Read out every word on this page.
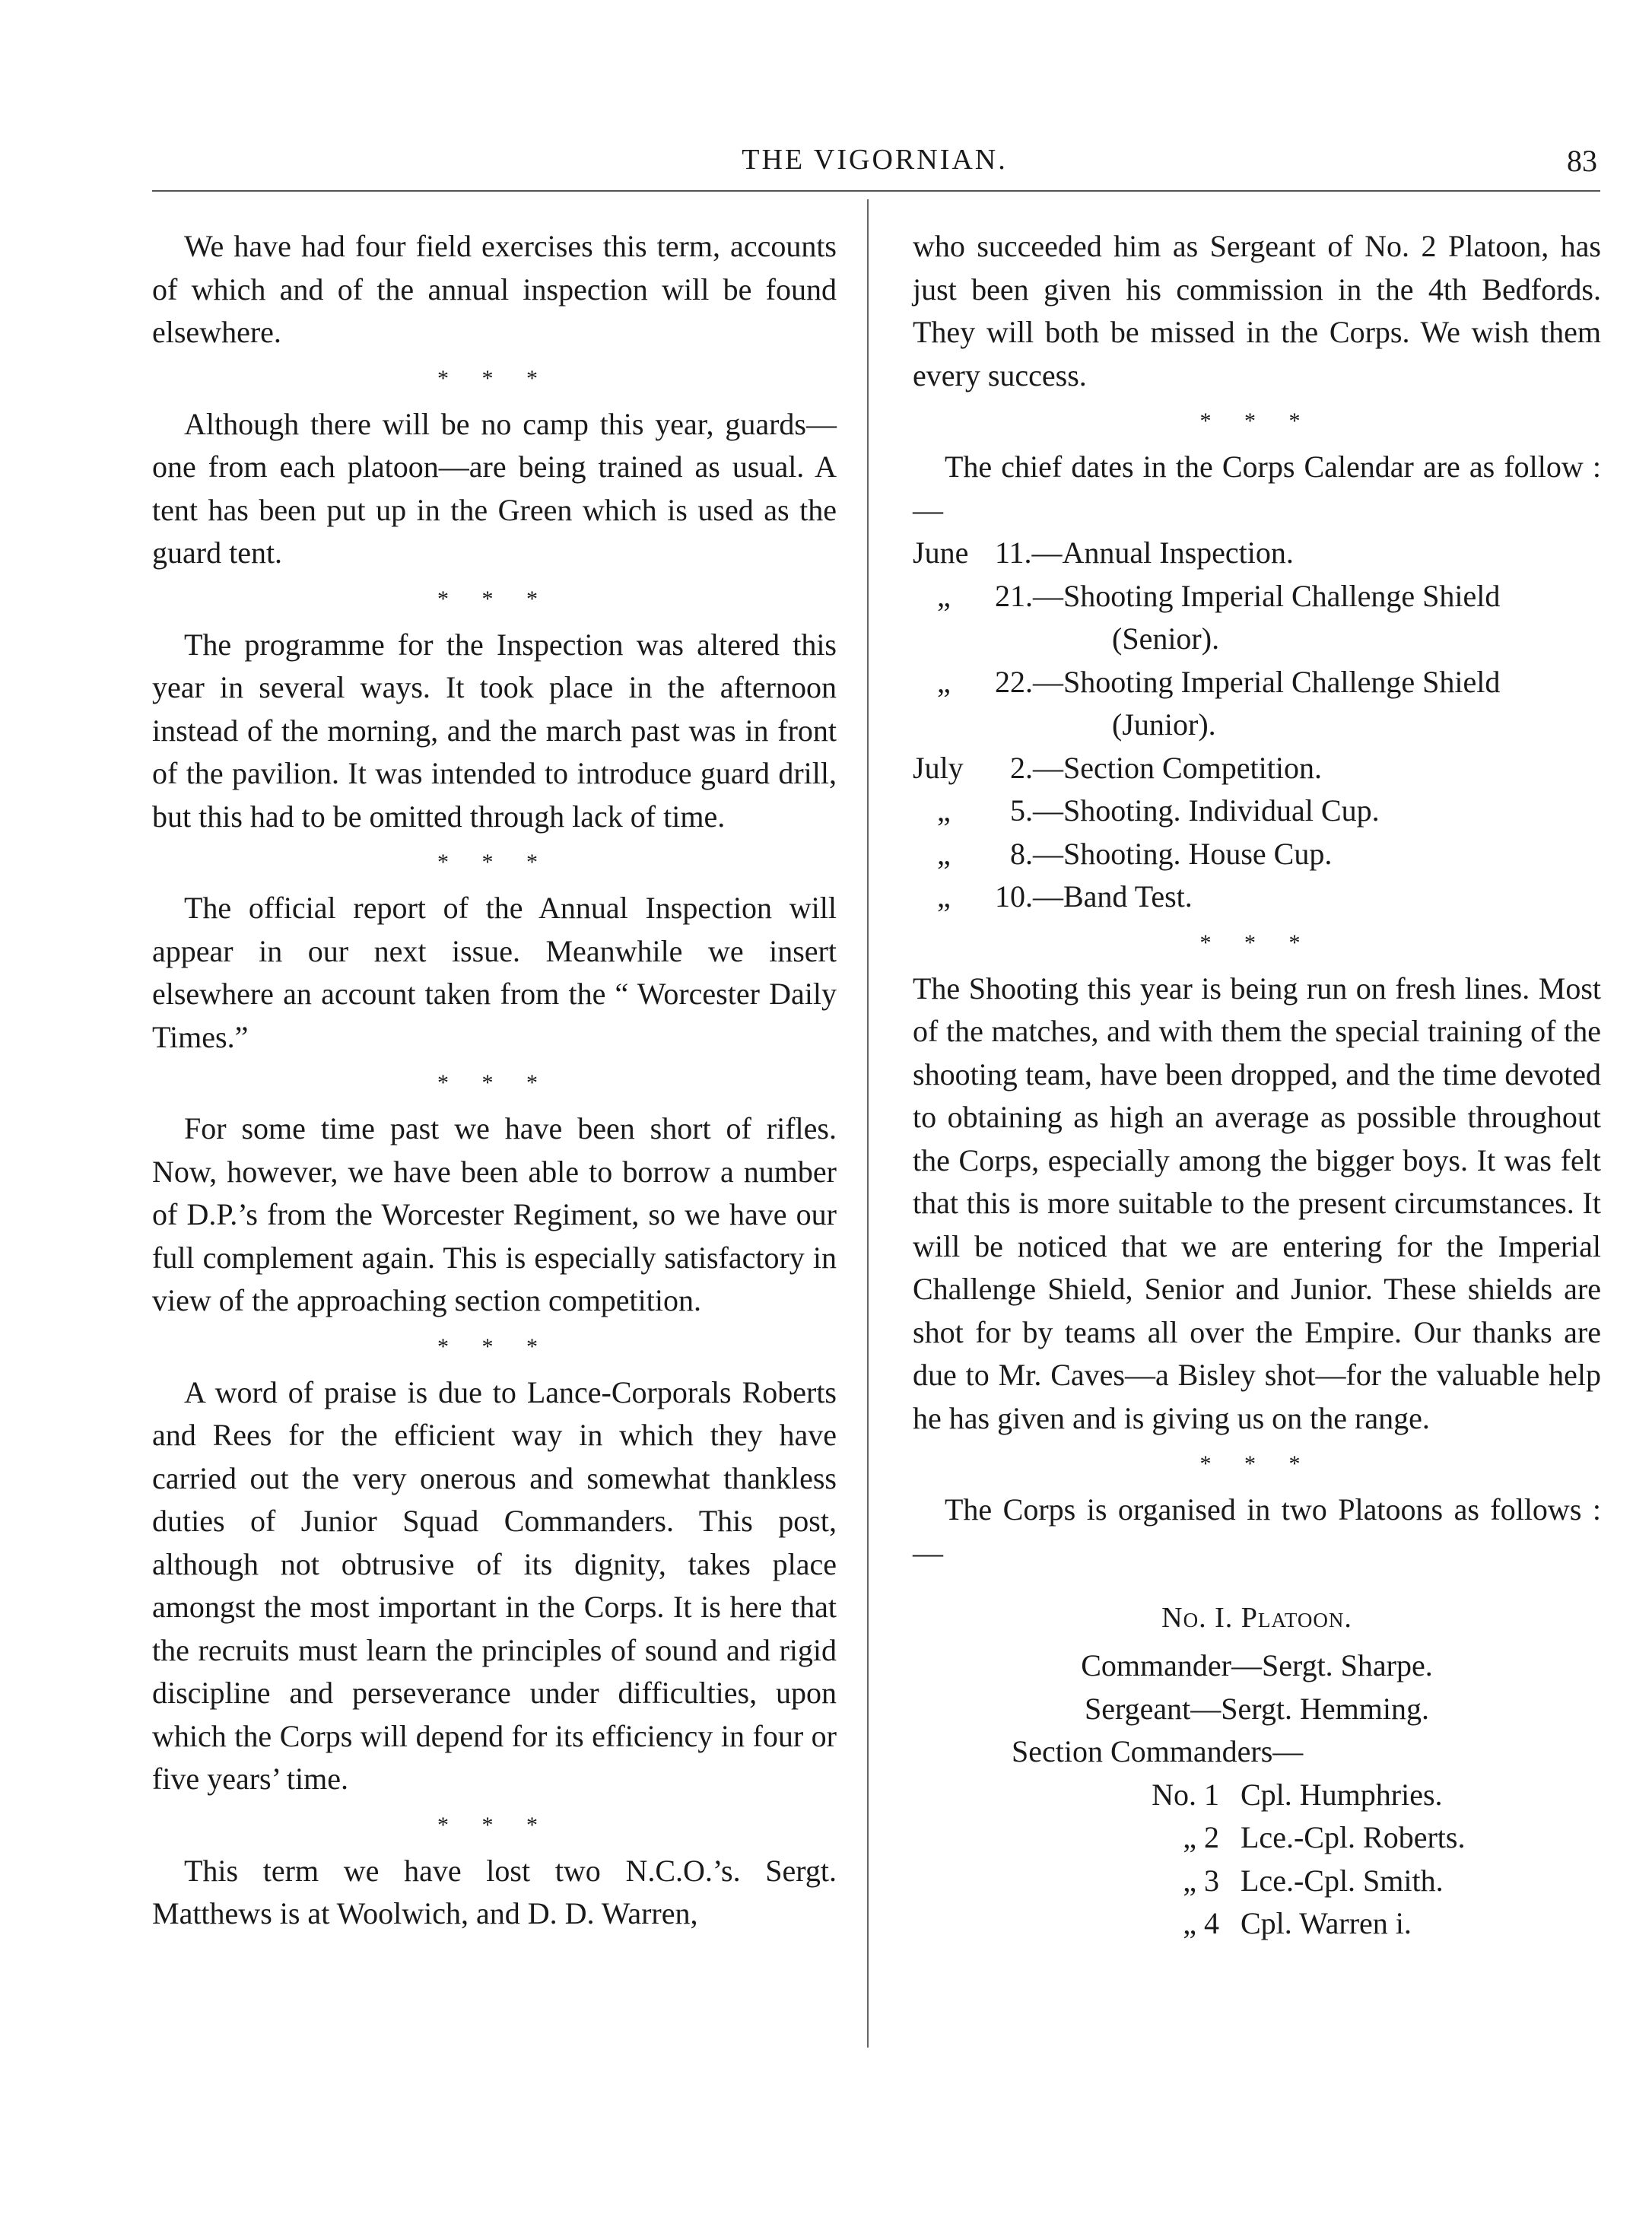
THE VIGORNIAN.	83

We have had four field exercises this term, accounts of which and of the annual inspection will be found elsewhere.

* * *

Although there will be no camp this year, guards—one from each platoon—are being trained as usual. A tent has been put up in the Green which is used as the guard tent.

* * *

The programme for the Inspection was altered this year in several ways. It took place in the afternoon instead of the morning, and the march past was in front of the pavilion. It was intended to introduce guard drill, but this had to be omitted through lack of time.

* * *

The official report of the Annual Inspection will appear in our next issue. Meanwhile we insert elsewhere an account taken from the “ Worcester Daily Times.”

* * *

For some time past we have been short of rifles. Now, however, we have been able to borrow a number of D.P.’s from the Worcester Regiment, so we have our full complement again. This is especially satisfactory in view of the approaching section competition.

* * *

A word of praise is due to Lance-Corporals Roberts and Rees for the efficient way in which they have carried out the very onerous and somewhat thankless duties of Junior Squad Commanders. This post, although not obtrusive of its dignity, takes place amongst the most important in the Corps. It is here that the recruits must learn the principles of sound and rigid discipline and perseverance under difficulties, upon which the Corps will depend for its efficiency in four or five years’ time.

* * *

This term we have lost two N.C.O.’s. Sergt. Matthews is at Woolwich, and D. D. Warren,

who succeeded him as Sergeant of No. 2 Platoon, has just been given his commission in the 4th Bedfords. They will both be missed in the Corps. We wish them every success.

* * *

The chief dates in the Corps Calendar are as follow : —

June 11.—Annual Inspection.
„	21.—Shooting Imperial Challenge Shield
(Senior).
„	22.—Shooting Imperial Challenge Shield
(Junior).
July	2.—Section Competition.
„	5.—Shooting. Individual Cup.
„	8.—Shooting. House Cup.
„	10.—Band Test.

* * *

The Shooting this year is being run on fresh lines. Most of the matches, and with them the special training of the shooting team, have been dropped, and the time devoted to obtaining as high an average as possible throughout the Corps, especially among the bigger boys. It was felt that this is more suitable to the present circumstances. It will be noticed that we are entering for the Imperial Challenge Shield, Senior and Junior. These shields are shot for by teams all over the Empire. Our thanks are due to Mr. Caves—a Bisley shot—for the valuable help he has given and is giving us on the range.

* * *

The Corps is organised in two Platoons as follows : —

No. I. Platoon.

Commander—Sergt. Sharpe.

Sergeant—Sergt. Hemming.

Section Commanders—

No. 1 Cpl. Humphries.
„ 2 Lce.-Cpl. Roberts.
„ 3 Lce.-Cpl. Smith.
„ 4 Cpl. Warren i.
